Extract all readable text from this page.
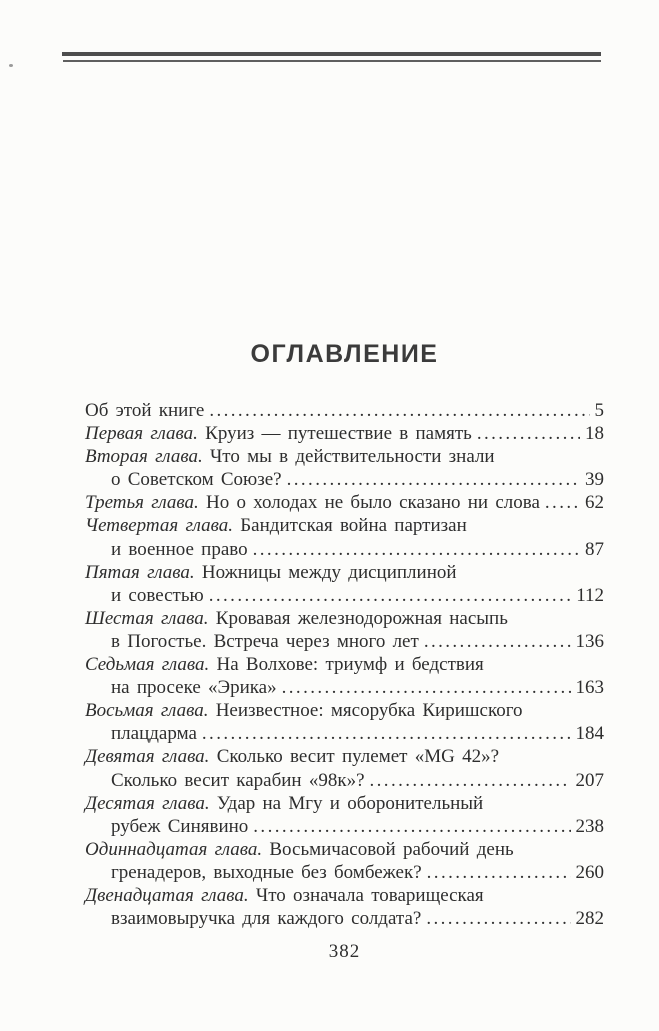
ОГЛАВЛЕНИЕ
Об этой книге .....	5
Первая глава. Круиз — путешествие в память .....	18
Вторая глава. Что мы в действительности знали
о Советском Союзе? .....	39
Третья глава. Но о холодах не было сказано ни слова ..... 62
Четвертая глава. Бандитская война партизан
и военное право .....	87
Пятая глава. Ножницы между дисциплиной
и совестью .....	112
Шестая глава. Кровавая железнодорожная насыпь
в Погостье. Встреча через много лет .....	136
Седьмая глава. На Волхове: триумф и бедствия
на просеке «Эрика» .....	163
Восьмая глава. Неизвестное: мясорубка Киришского
плацдарма .....	184
Девятая глава. Сколько весит пулемет «MG 42»?
Сколько весит карабин «98к»? .....	207
Десятая глава. Удар на Мгу и оборонительный
рубеж Синявино .....	238
Одиннадцатая глава. Восьмичасовой рабочий день
гренадеров, выходные без бомбежек? .....	260
Двенадцатая глава. Что означала товарищеская
взаимовыручка для каждого солдата? .....	282
382
